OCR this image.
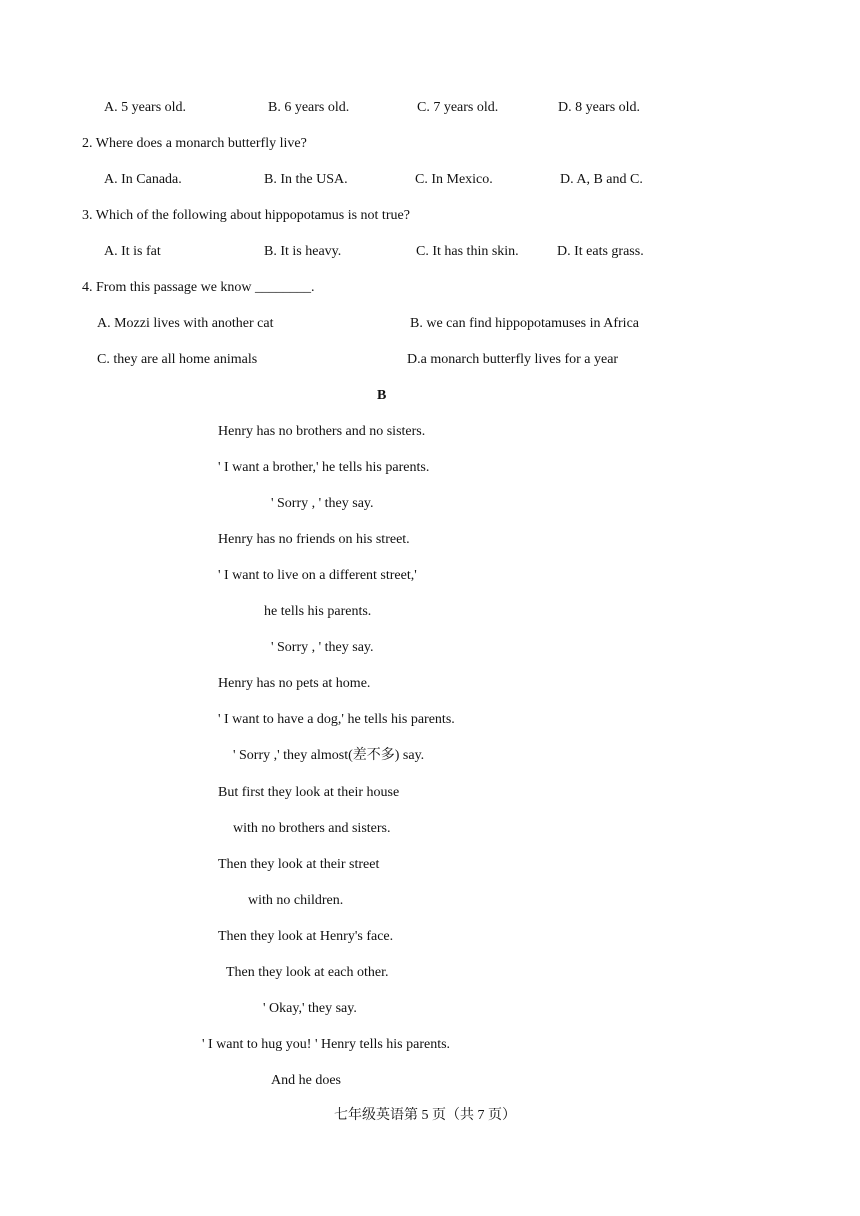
A. 5 years old.	B. 6 years old.	C. 7 years old.	D. 8 years old.
2. Where does a monarch butterfly live?
A. In Canada.	B. In the USA.	C. In Mexico.	D. A, B and C.
3. Which of the following about hippopotamus is not true?
A. It is fat	B. It is heavy.	C. It has thin skin.	D. It eats grass.
4. From this passage we know ________.
A. Mozzi lives with another cat	B. we can find hippopotamuses in Africa
C. they are all home animals	D.a monarch butterfly lives for a year
B
Henry has no brothers and no sisters.
' I want a brother,' he tells his parents.
' Sorry , ' they say.
Henry has no friends on his street.
' I want to live on a different street,'
he tells his parents.
' Sorry , ' they say.
Henry has no pets at home.
' I want to have a dog,' he tells his parents.
' Sorry ,' they almost(差不多) say.
But first they look at their house
with no brothers and sisters.
Then they look at their street
with no children.
Then they look at Henry's face.
Then they look at each other.
' Okay,' they say.
' I want to hug you! ' Henry tells his parents.
And he does
七年级英语第 5 页（共 7 页）
